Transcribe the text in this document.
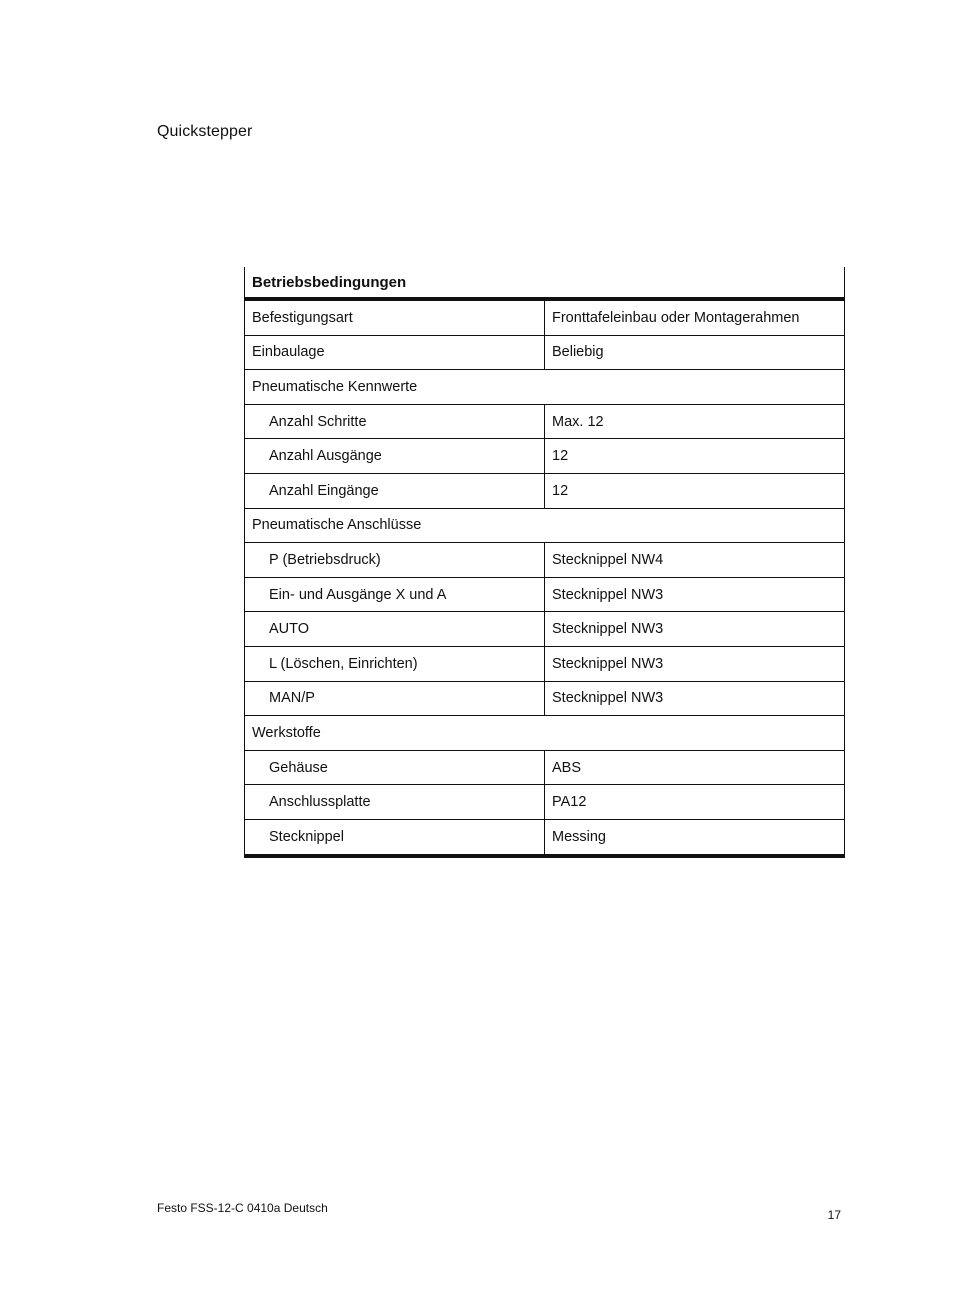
Quickstepper
Betriebsbedingungen	
Befestigungsart	Fronttafeleinbau oder Montagerahmen
Einbaulage	Beliebig
Pneumatische Kennwerte	
Anzahl Schritte	Max. 12
Anzahl Ausgänge	12
Anzahl Eingänge	12
Pneumatische Anschlüsse	
P (Betriebsdruck)	Stecknippel NW4
Ein- und Ausgänge X und A	Stecknippel NW3
AUTO	Stecknippel NW3
L (Löschen, Einrichten)	Stecknippel NW3
MAN/P	Stecknippel NW3
Werkstoffe	
Gehäuse	ABS
Anschlussplatte	PA12
Stecknippel	Messing
Festo FSS-12-C 0410a Deutsch	17
